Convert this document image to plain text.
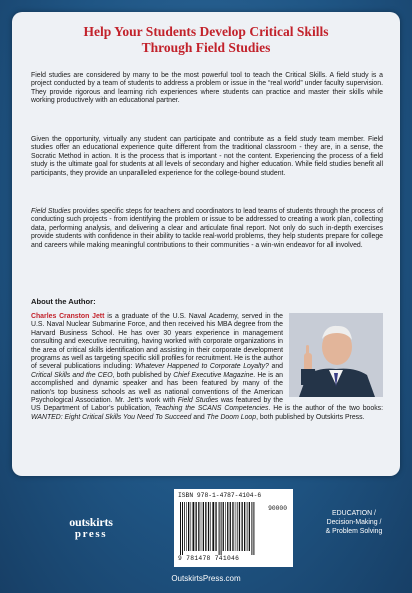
Help Your Students Develop Critical Skills
Through Field Studies

Field studies are considered by many to be the most powerful tool to teach the Critical Skills. A field study is a project conducted by a team of students to address a problem or issue in the “real world” under faculty supervision. They provide rigorous and learning rich experiences where students can practice and master their skills while working productively with an educational partner.

Given the opportunity, virtually any student can participate and contribute as a field study team member. Field studies offer an educational experience quite different from the traditional classroom - they are, in a sense, the Socratic Method in action. It is the process that is important - not the content. Experiencing the process of a field study is the ultimate goal for students at all levels of secondary and higher education. While field studies benefit all participants, they provide an unparalleled experience for the college-bound student.

Field Studies provides specific steps for teachers and coordinators to lead teams of students through the process of conducting such projects - from identifying the problem or issue to be addressed to creating a work plan, collecting data, performing analysis, and delivering a clear and articulate final report. Not only do such in-depth exercises provide students with confidence in their ability to tackle real-world problems, they help students prepare for college and careers while making meaningful contributions to their communities - a win-win endeavor for all involved.

About the Author:

Charles Cranston Jett is a graduate of the U.S. Naval Academy, served in the U.S. Naval Nuclear Submarine Force, and then received his MBA degree from the Harvard Business School. He has over 30 years experience in management consulting and executive recruiting, having worked with corporate organizations in the area of critical skills identification and assisting in their corporate development programs as well as targeting specific skill profiles for recruitment. He is the author of several publications including: Whatever Happened to Corporate Loyalty? and Critical Skills and the CEO, both published by Chief Executive Magazine. He is an accomplished and dynamic speaker and has been featured by many of the nation’s top business schools as well as national conventions of the American Psychological Association. Mr. Jett’s work with Field Studies was featured by the US Department of Labor’s publication, Teaching the SCANS Competencies. He is the author of the two books: WANTED: Eight Critical Skills You Need To Succeed and The Doom Loop, both published by Outskirts Press.

outskirts
press
ISBN 978-1-4787-4104-6
90000
9 781478 741046
EDUCATION /
Decision-Making /
& Problem Solving
OutskirtsPress.com
